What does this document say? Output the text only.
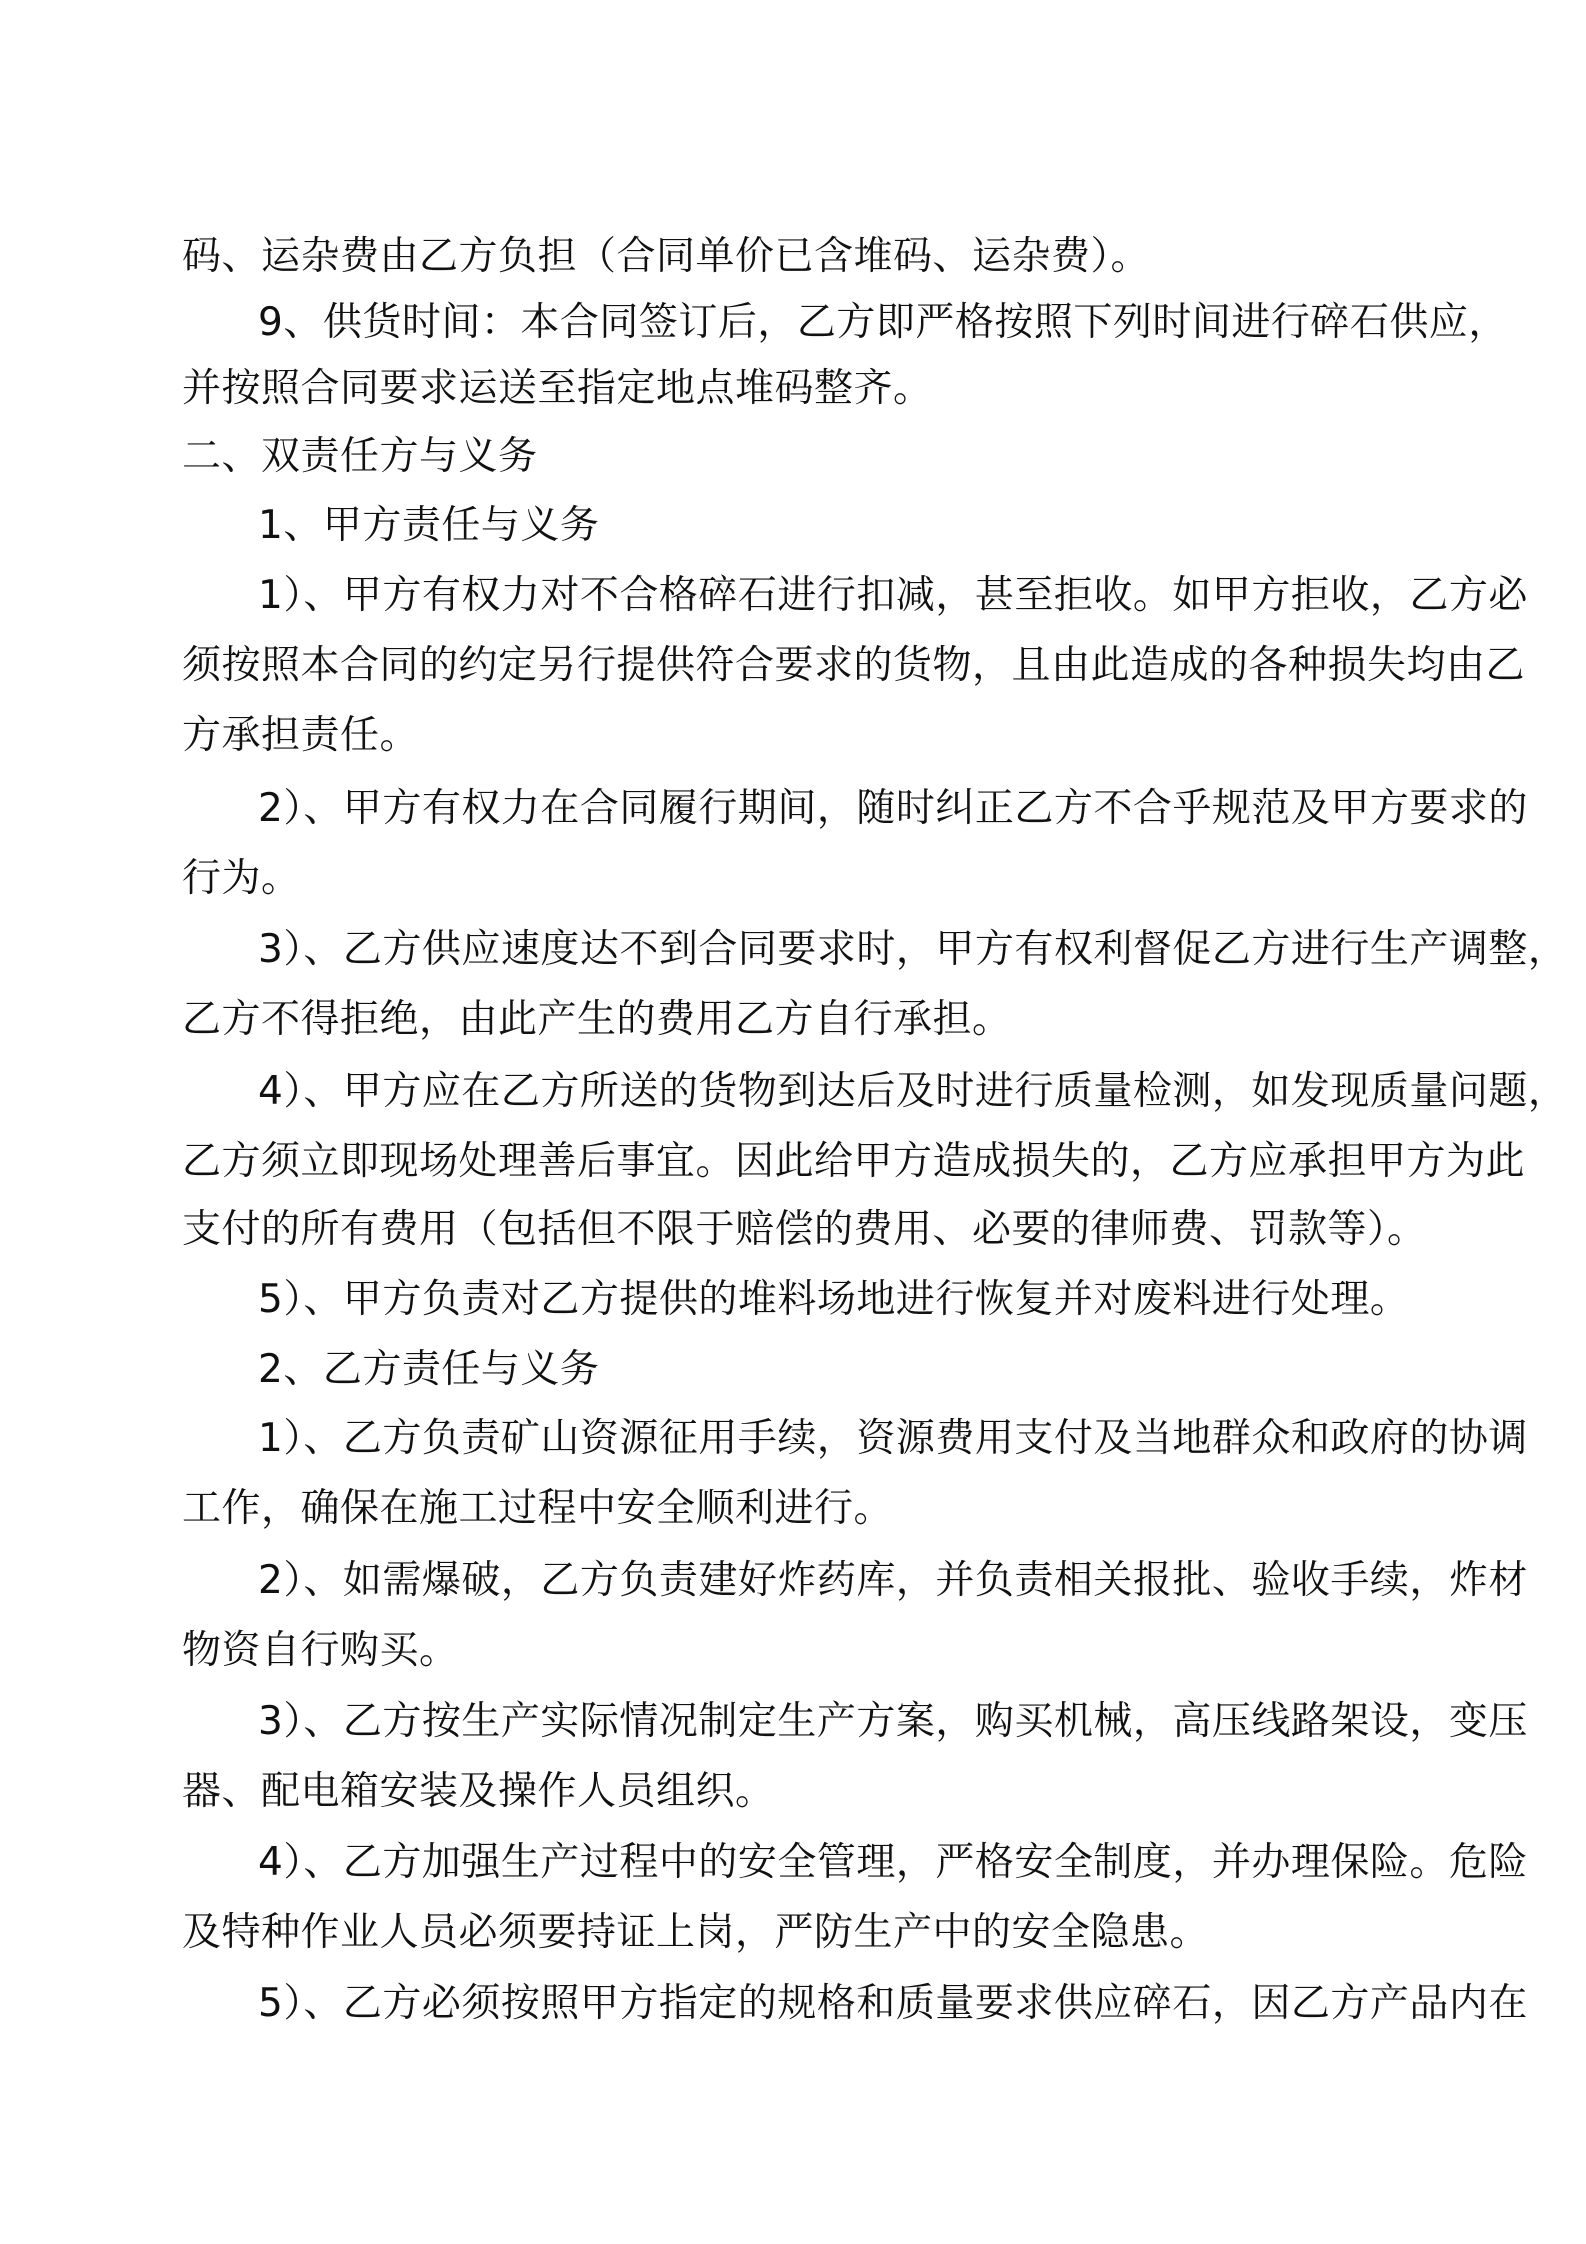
码、运杂费由乙方负担（合同单价已含堆码、运杂费）。
9、供货时间：本合同签订后，乙方即严格按照下列时间进行碎石供应，
并按照合同要求运送至指定地点堆码整齐。
二、双责任方与义务
1、甲方责任与义务
1）、甲方有权力对不合格碎石进行扣减，甚至拒收。如甲方拒收，乙方必
须按照本合同的约定另行提供符合要求的货物，且由此造成的各种损失均由乙
方承担责任。
2）、甲方有权力在合同履行期间，随时纠正乙方不合乎规范及甲方要求的
行为。
3）、乙方供应速度达不到合同要求时，甲方有权利督促乙方进行生产调整，
乙方不得拒绝，由此产生的费用乙方自行承担。
4）、甲方应在乙方所送的货物到达后及时进行质量检测，如发现质量问题，
乙方须立即现场处理善后事宜。因此给甲方造成损失的，乙方应承担甲方为此
支付的所有费用（包括但不限于赔偿的费用、必要的律师费、罚款等）。
5）、甲方负责对乙方提供的堆料场地进行恢复并对废料进行处理。
2、乙方责任与义务
1）、乙方负责矿山资源征用手续，资源费用支付及当地群众和政府的协调
工作，确保在施工过程中安全顺利进行。
2）、如需爆破，乙方负责建好炸药库，并负责相关报批、验收手续，炸材
物资自行购买。
3）、乙方按生产实际情况制定生产方案，购买机械，高压线路架设，变压
器、配电箱安装及操作人员组织。
4）、乙方加强生产过程中的安全管理，严格安全制度，并办理保险。危险
及特种作业人员必须要持证上岗，严防生产中的安全隐患。
5）、乙方必须按照甲方指定的规格和质量要求供应碎石，因乙方产品内在
